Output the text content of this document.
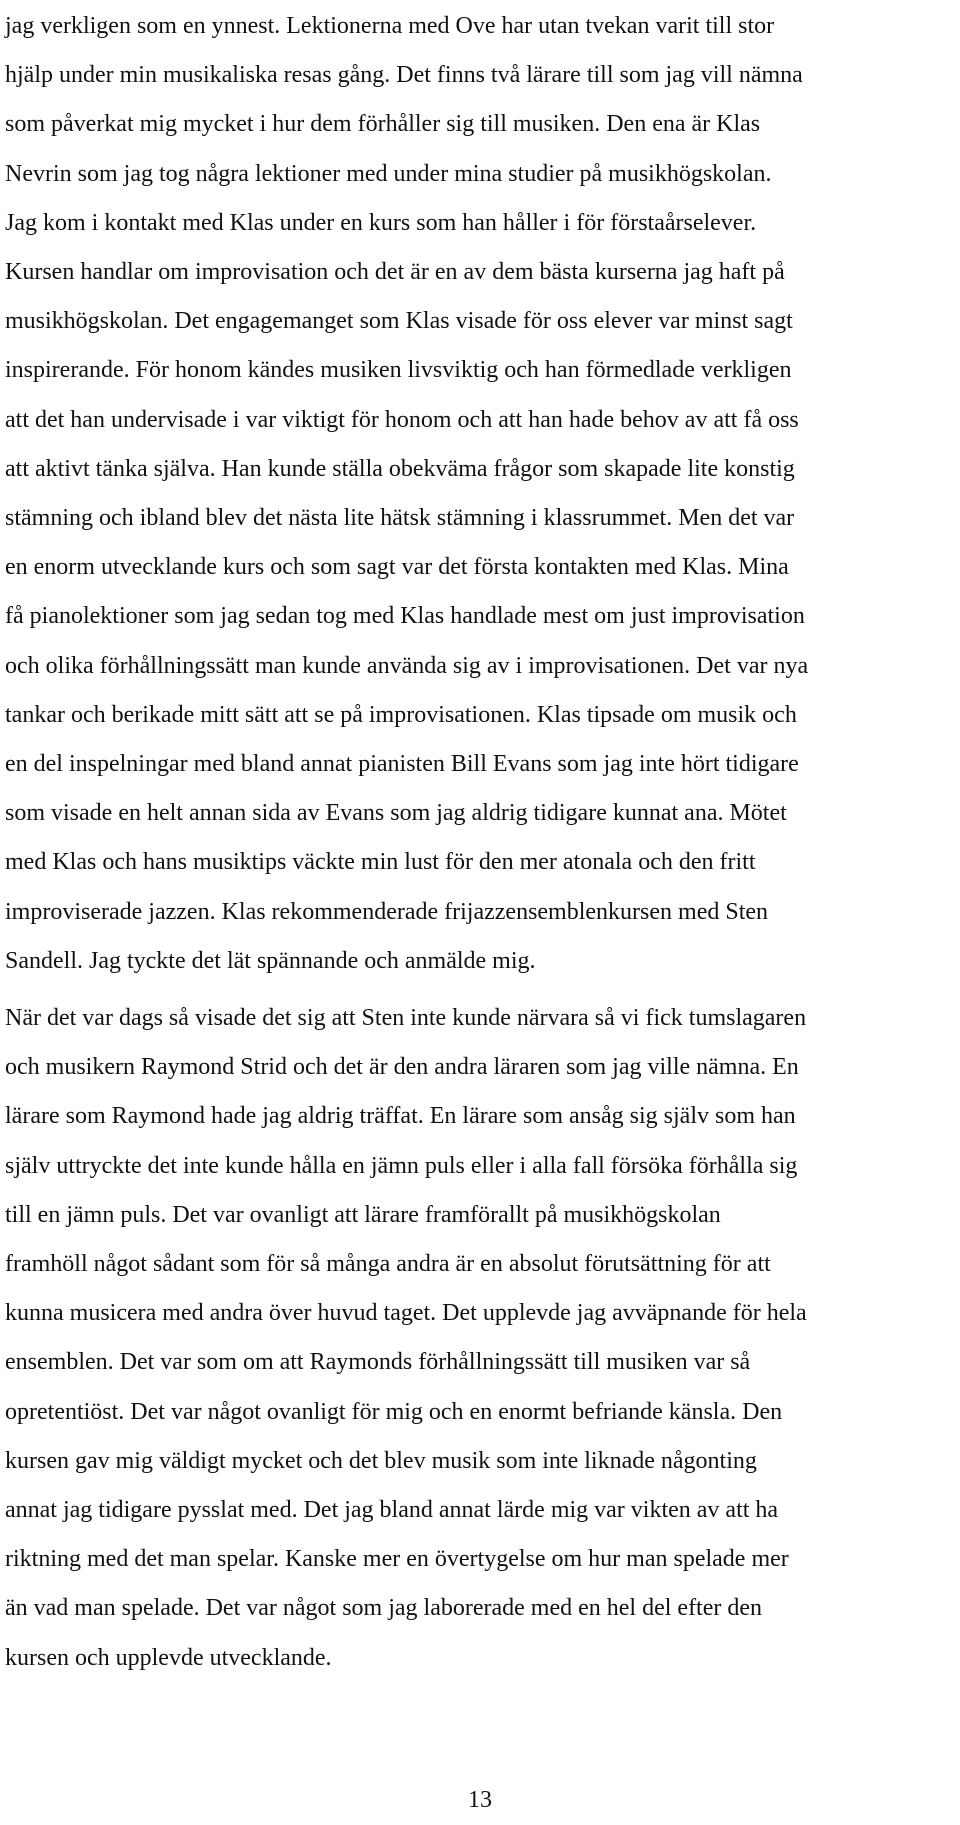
jag verkligen som en ynnest. Lektionerna med Ove har utan tvekan varit till stor
hjälp under min musikaliska resas gång. Det finns två lärare till som jag vill nämna
som påverkat mig mycket i hur dem förhåller sig till musiken. Den ena är Klas
Nevrin som jag tog några lektioner med under mina studier på musikhögskolan.
Jag kom i kontakt med Klas under en kurs som han håller i för förstaårselever.
Kursen handlar om improvisation och det är en av dem bästa kurserna jag haft på
musikhögskolan. Det engagemanget som Klas visade för oss elever var minst sagt
inspirerande. För honom kändes musiken livsviktig och han förmedlade verkligen
att det han undervisade i var viktigt för honom och att han hade behov av att få oss
att aktivt tänka själva. Han kunde ställa obekväma frågor som skapade lite konstig
stämning och ibland blev det nästa lite hätsk stämning i klassrummet. Men det var
en enorm utvecklande kurs och som sagt var det första kontakten med Klas. Mina
få pianolektioner som jag sedan tog med Klas handlade mest om just improvisation
och olika förhållningssätt man kunde använda sig av i improvisationen. Det var nya
tankar och berikade mitt sätt att se på improvisationen. Klas tipsade om musik och
en del inspelningar med bland annat pianisten Bill Evans som jag inte hört tidigare
som visade en helt annan sida av Evans som jag aldrig tidigare kunnat ana. Mötet
med Klas och hans musiktips väckte min lust för den mer atonala och den fritt
improviserade jazzen. Klas rekommenderade frijazzensemblenkursen med Sten
Sandell. Jag tyckte det lät spännande och anmälde mig.

När det var dags så visade det sig att Sten inte kunde närvara så vi fick tumslagaren
och musikern Raymond Strid och det är den andra läraren som jag ville nämna. En
lärare som Raymond hade jag aldrig träffat. En lärare som ansåg sig själv som han
själv uttryckte det inte kunde hålla en jämn puls eller i alla fall försöka förhålla sig
till en jämn puls. Det var ovanligt att lärare framförallt på musikhögskolan
framhöll något sådant som för så många andra är en absolut förutsättning för att
kunna musicera med andra över huvud taget. Det upplevde jag avväpnande för hela
ensemblen. Det var som om att Raymonds förhållningssätt till musiken var så
opretentiöst. Det var något ovanligt för mig och en enormt befriande känsla. Den
kursen gav mig väldigt mycket och det blev musik som inte liknade någonting
annat jag tidigare pysslat med. Det jag bland annat lärde mig var vikten av att ha
riktning med det man spelar. Kanske mer en övertygelse om hur man spelade mer
än vad man spelade. Det var något som jag laborerade med en hel del efter den
kursen och upplevde utvecklande.

13
